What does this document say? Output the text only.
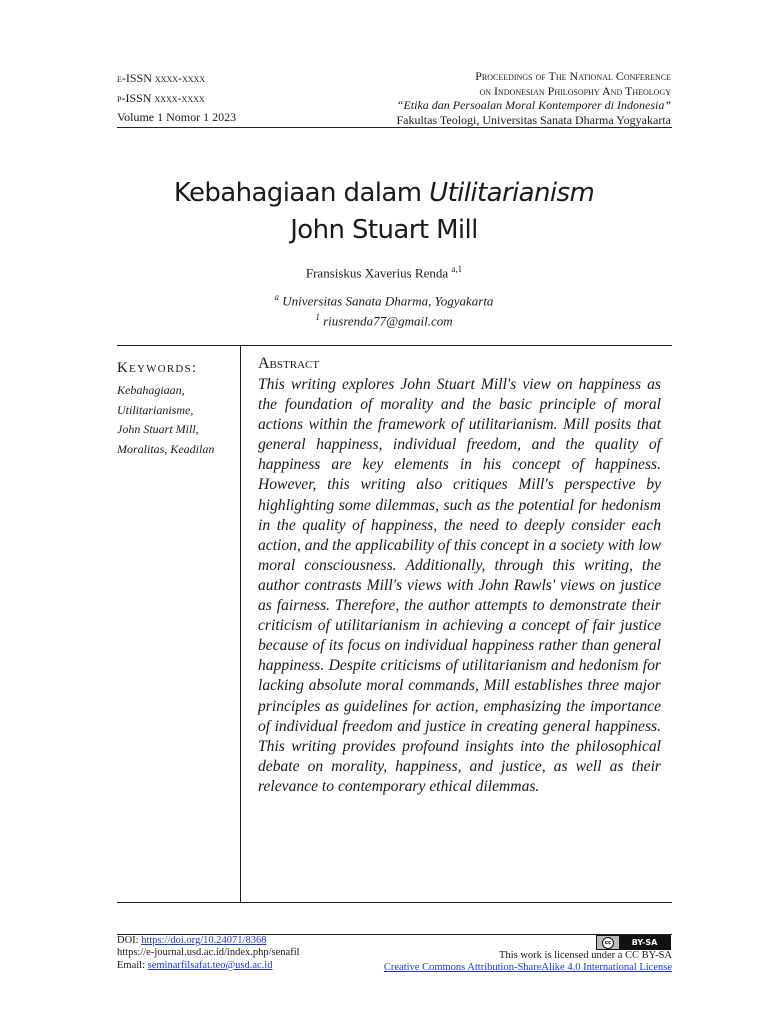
e-ISSN xxxx-xxxx
p-ISSN xxxx-xxxx
Volume 1 Nomor 1 2023
Proceedings of The National Conference
on Indonesian Philosophy And Theology
“Etika dan Persoalan Moral Kontemporer di Indonesia”
Fakultas Teologi, Universitas Sanata Dharma Yogyakarta
Kebahagiaan dalam Utilitarianism
John Stuart Mill
Fransiskus Xaverius Renda $^{a,1}$
$^a$ Universitas Sanata Dharma, Yogyakarta
$^1$ riusrenda77@gmail.com
Keywords:
Kebahagiaan,
Utilitarianisme,
John Stuart Mill,
Moralitas, Keadilan
Abstract
This writing explores John Stuart Mill's view on happiness as the foundation of morality and the basic principle of moral actions within the framework of utilitarianism. Mill posits that general happiness, individual freedom, and the quality of happiness are key elements in his concept of happiness. However, this writing also critiques Mill's perspective by highlighting some dilemmas, such as the potential for hedonism in the quality of happiness, the need to deeply consider each action, and the applicability of this concept in a society with low moral consciousness. Additionally, through this writing, the author contrasts Mill's views with John Rawls' views on justice as fairness. Therefore, the author attempts to demonstrate their criticism of utilitarianism in achieving a concept of fair justice because of its focus on individual happiness rather than general happiness. Despite criticisms of utilitarianism and hedonism for lacking absolute moral commands, Mill establishes three major principles as guidelines for action, emphasizing the importance of individual freedom and justice in creating general happiness. This writing provides profound insights into the philosophical debate on morality, happiness, and justice, as well as their relevance to contemporary ethical dilemmas.
DOI: https://doi.org/10.24071/8368
https://e-journal.usd.ac.id/index.php/senafil
Email: seminarfilsafat.teo@usd.ac.id
cc	BY-SA
This work is licensed under a CC BY-SA
Creative Commons Attribution-ShareAlike 4.0 International License
